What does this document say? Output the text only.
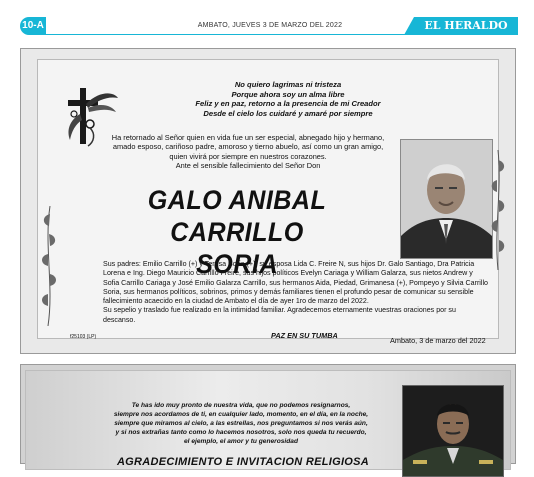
10-A	AMBATO, JUEVES 3 DE MARZO DEL 2022	EL HERALDO
No quiero lagrimas ni tristeza
Porque ahora soy un alma libre
Feliz y en paz, retorno a la presencia de mi Creador
Desde el cielo los cuidaré y amaré por siempre
Ha retornado al Señor quien en vida fue un ser especial, abnegado hijo y hermano,
amado esposo, cariñoso padre, amoroso y tierno abuelo, así como un gran amigo,
quien vivirá por siempre en nuestros corazones.
Ante el sensible fallecimiento del Señor Don
GALO ANIBAL
CARRILLO SORIA
Sus padres: Emilio Carrillo (+) y Teresa Soria (+), su esposa Lida C. Freire N, sus hijos Dr. Galo Santiago, Dra Patricia
Lorena e Ing. Diego Mauricio Carrillo Freire, sus hijos políticos Evelyn Cariaga y William Galarza, sus nietos Andrew y
Sofia Carrillo Cariaga y José Emilio Galarza Carrillo, sus hermanos Aida, Piedad, Grimanesa (+), Pompeyo y Silvia Carrillo
Soria, sus hermanos políticos, sobrinos, primos y demás familiares tienen el profundo pesar de comunicar su sensible
fallecimiento acaecido en la ciudad de Ambato el día de ayer 1ro de marzo del 2022.
Su sepelio y traslado fue realizado en la intimidad familiar. Agradecemos eternamente vuestras oraciones por su
descanso.
f25103 (LP)	PAZ EN SU TUMBA
Ambato, 3 de marzo del 2022
Te has ido muy pronto de nuestra vida, que no podemos resignarnos,
siempre nos acordamos de ti, en cualquier lado, momento, en el día, en la noche,
siempre que miramos al cielo, a las estrellas, nos preguntamos si nos verás aún,
y si nos extrañas tanto como lo hacemos nosotros, solo nos queda tu recuerdo,
el ejemplo, el amor y tu generosidad
AGRADECIMIENTO E INVITACION RELIGIOSA
